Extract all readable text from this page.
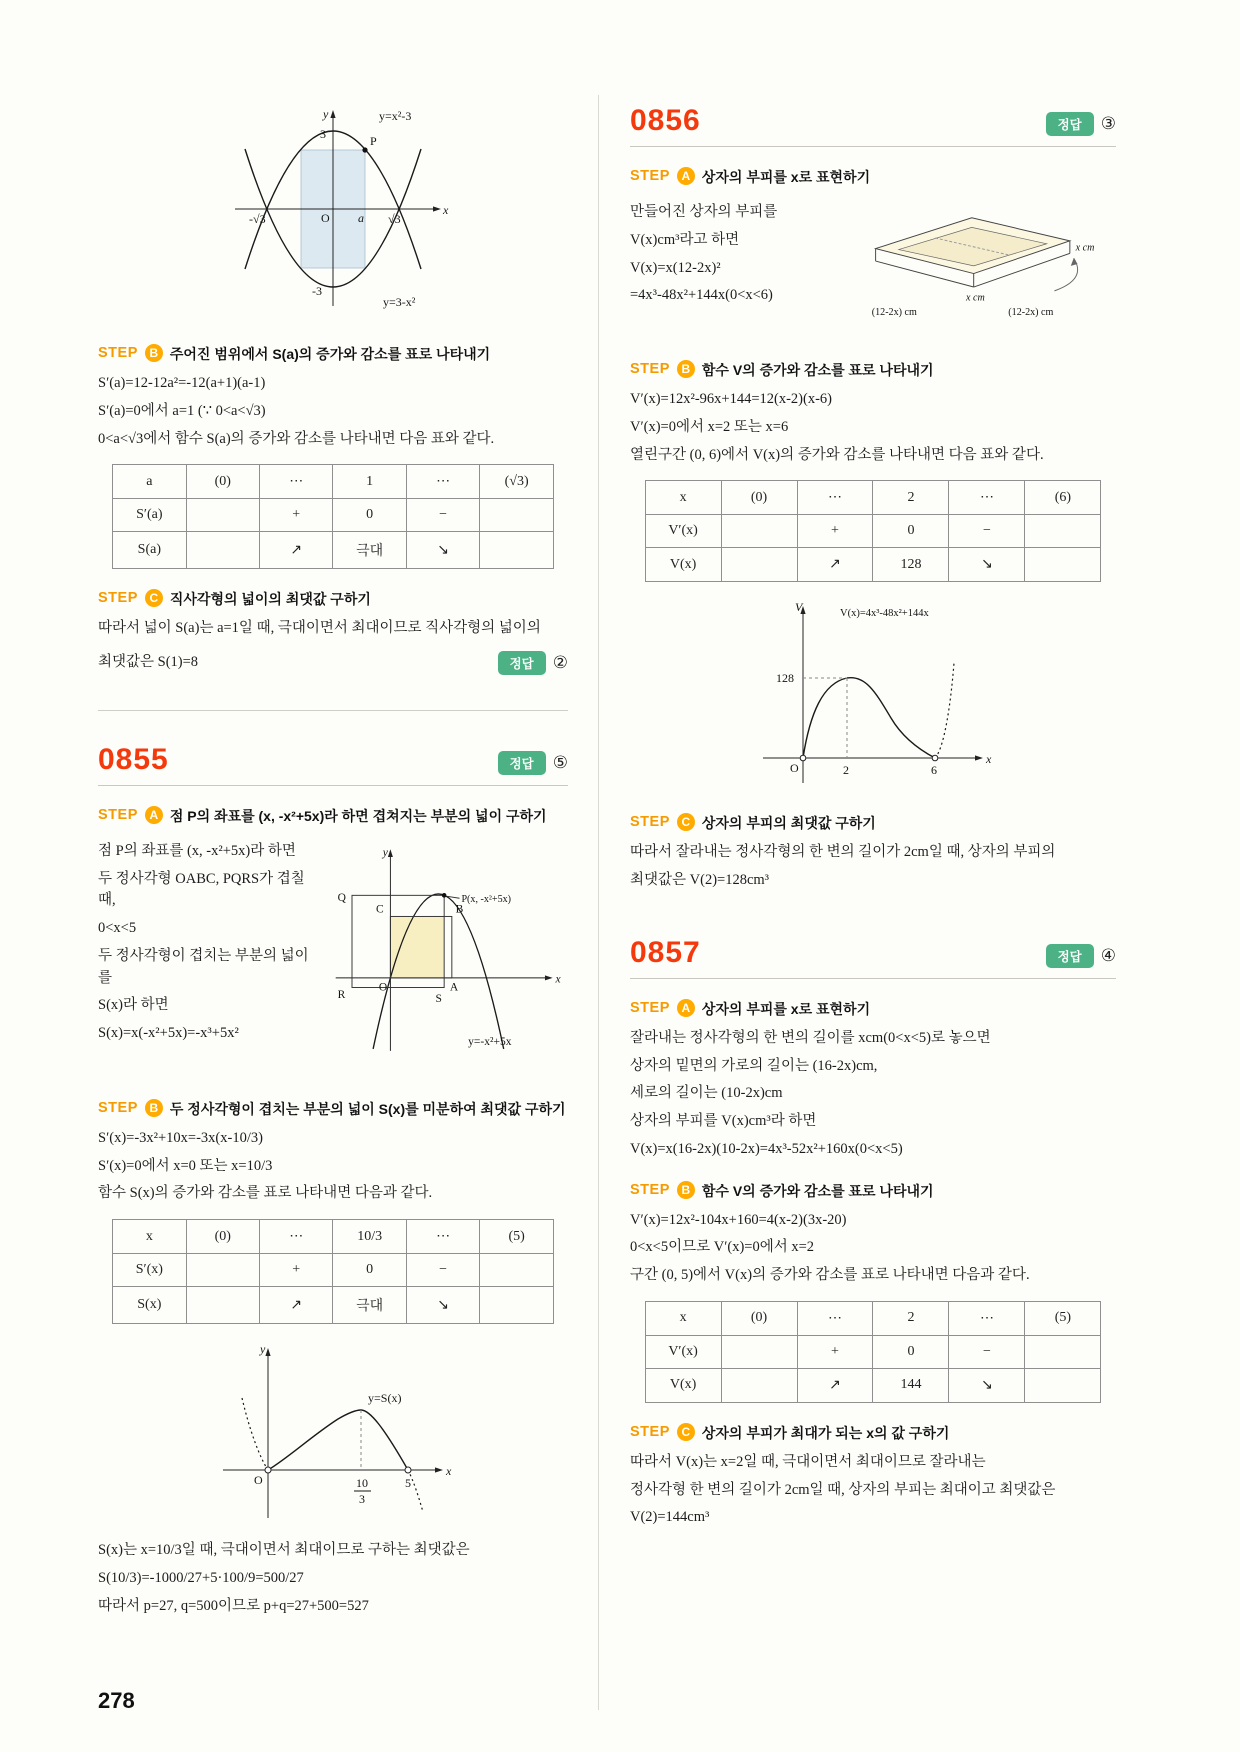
y	y=x²-3
3	P
-√3	O a √3
-3
y=3-x²
x
STEP B 주어진 범위에서 S(a)의 증가와 감소를 표로 나타내기
S′(a)=12-12a²=-12(a+1)(a-1)
S′(a)=0에서 a=1 (∵ 0<a<√3)
0<a<√3에서 함수 S(a)의 증가와 감소를 나타내면 다음 표와 같다.
a	(0)	⋯	1	⋯	(√3)
S′(a)		+	0	−	
S(a)		↗	극대	↘	
STEP C 직사각형의 넓이의 최댓값 구하기
따라서 넓이 S(a)는 a=1일 때, 극대이면서 최대이므로 직사각형의 넓이의
최댓값은 S(1)=8	정답	②
0855	정답	⑤
STEP A 점 P의 좌표를 (x, -x²+5x)라 하면 겹쳐지는 부분의 넓이 구하기
점 P의 좌표를 (x, -x²+5x)라 하면
두 정사각형 OABC, PQRS가 겹칠 때,
0<x<5
두 정사각형이 겹치는 부분의 넓이를
S(x)라 하면
S(x)=x(-x²+5x)=-x³+5x²
y
C	B
Q	P(x, -x²+5x)
O	A
x
R	S
y=-x²+5x
STEP B 두 정사각형이 겹치는 부분의 넓이 S(x)를 미분하여 최댓값 구하기
S′(x)=-3x²+10x=-3x(x-10/3)
S′(x)=0에서 x=0 또는 x=10/3
함수 S(x)의 증가와 감소를 표로 나타내면 다음과 같다.
x	(0)	⋯	10/3	⋯	(5)
S′(x)		+	0	−	
S(x)		↗	극대	↘	
y
y=S(x)
O	10
3
5
x
S(x)는 x=10/3일 때, 극대이면서 최대이므로 구하는 최댓값은
S(10/3)=-1000/27+5·100/9=500/27
따라서 p=27, q=500이므로 p+q=27+500=527
0856	정답	③
STEP A 상자의 부피를 x로 표현하기
만들어진 상자의 부피를
V(x)cm³라고 하면
V(x)=x(12-2x)²
=4x³-48x²+144x(0<x<6)
x cm
x cm
(12-2x) cm	(12-2x) cm
STEP B 함수 V의 증가와 감소를 표로 나타내기
V′(x)=12x²-96x+144=12(x-2)(x-6)
V′(x)=0에서 x=2 또는 x=6
열린구간 (0, 6)에서 V(x)의 증가와 감소를 나타내면 다음 표와 같다.
x	(0)	⋯	2	⋯	(6)
V′(x)		+	0	−	
V(x)		↗	128	↘	
V	V(x)=4x³-48x²+144x
128
O	2	6
x
STEP C 상자의 부피의 최댓값 구하기
따라서 잘라내는 정사각형의 한 변의 길이가 2cm일 때, 상자의 부피의
최댓값은 V(2)=128cm³
0857	정답	④
STEP A 상자의 부피를 x로 표현하기
잘라내는 정사각형의 한 변의 길이를 xcm(0<x<5)로 놓으면
상자의 밑면의 가로의 길이는 (16-2x)cm,
세로의 길이는 (10-2x)cm
상자의 부피를 V(x)cm³라 하면
V(x)=x(16-2x)(10-2x)=4x³-52x²+160x(0<x<5)
STEP B 함수 V의 증가와 감소를 표로 나타내기
V′(x)=12x²-104x+160=4(x-2)(3x-20)
0<x<5이므로 V′(x)=0에서 x=2
구간 (0, 5)에서 V(x)의 증가와 감소를 표로 나타내면 다음과 같다.
x	(0)	⋯	2	⋯	(5)
V′(x)		+	0	−	
V(x)		↗	144	↘	
STEP C 상자의 부피가 최대가 되는 x의 값 구하기
따라서 V(x)는 x=2일 때, 극대이면서 최대이므로 잘라내는
정사각형 한 변의 길이가 2cm일 때, 상자의 부피는 최대이고 최댓값은
V(2)=144cm³
278
